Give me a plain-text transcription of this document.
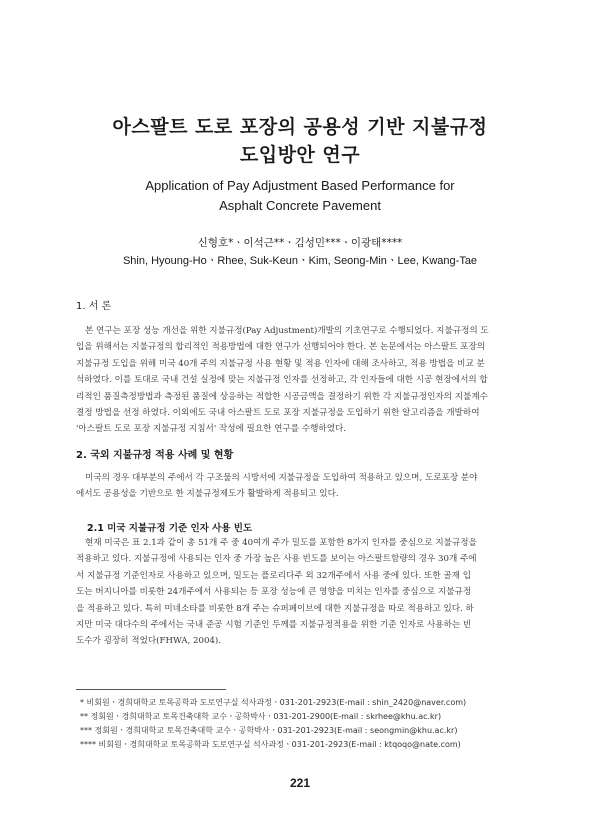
아스팔트 도로 포장의 공용성 기반 지불규정
도입방안 연구
Application of Pay Adjustment Based Performance for
Asphalt Concrete Pavement
신형호*ㆍ이석근**ㆍ김성민***ㆍ이광태****
Shin, Hyoung-HoㆍRhee, Suk-KeunㆍKim, Seong-MinㆍLee, Kwang-Tae
1. 서 론
본 연구는 포장 성능 개선을 위한 지불규정(Pay Adjustment)개발의 기초연구로 수행되었다. 지불규정의 도
입을 위해서는 지불규정의 합리적인 적용방법에 대한 연구가 선행되어야 한다. 본 논문에서는 아스팔트 포장의
지불규정 도입을 위해 미국 40개 주의 지불규정 사용 현황 및 적용 인자에 대해 조사하고, 적용 방법을 비교 분
석하였다. 이를 토대로 국내 건설 실정에 맞는 지불규정 인자를 선정하고, 각 인자들에 대한 시공 현장에서의 합
리적인 품질측정방법과 측정된 품질에 상응하는 적합한 시공금액을 결정하기 위한 각 지불규정인자의 지불계수
결정 방법을 선정 하였다. 이외에도 국내 아스팔트 도로 포장 지불규정을 도입하기 위한 알고리즘을 개발하여
'아스팔트 도로 포장 지불규정 지침서' 작성에 필요한 연구를 수행하였다.
2. 국외 지불규정 적용 사례 및 현황
미국의 경우 대부분의 주에서 각 구조물의 시방서에 지불규정을 도입하여 적용하고 있으며, 도로포장 분야
에서도 공용성을 기반으로 한 지불규정제도가 활발하게 적용되고 있다.
2.1 미국 지불규정 기준 인자 사용 빈도
현재 미국은 표 2.1과 같이 총 51개 주 중 40여개 주가 밀도를 포함한 8가지 인자를 중심으로 지불규정을
적용하고 있다. 지불규정에 사용되는 인자 중 가장 높은 사용 빈도를 보이는 아스팔트함량의 경우 30개 주에
서 지불규정 기준인자로 사용하고 있으며, 밀도는 플로리다주 외 32개주에서 사용 중에 있다. 또한 골재 입
도는 버지니아를 비롯한 24개주에서 사용되는 등 포장 성능에 큰 영향을 미치는 인자를 중심으로 지불규정
을 적용하고 있다. 특히 미네소타를 비롯한 8개 주는 슈퍼페이브에 대한 지불규정을 따로 적용하고 있다. 하
지만 미국 대다수의 주에서는 국내 준공 시험 기준인 두께를 지불규정적용을 위한 기준 인자로 사용하는 빈
도수가 굉장히 적었다(FHWA, 2004).
* 비회원ㆍ경희대학교 토목공학과 도로연구실 석사과정ㆍ031-201-2923(E-mail : shin_2420@naver.com)
** 정회원ㆍ경희대학교 토목건축대학 교수ㆍ공학박사ㆍ031-201-2900(E-mail : skrhee@khu.ac.kr)
*** 정회원ㆍ경희대학교 토목건축대학 교수ㆍ공학박사ㆍ031-201-2923(E-mail : seongmin@khu.ac.kr)
**** 비회원ㆍ경희대학교 토목공학과 도로연구실 석사과정ㆍ031-201-2923(E-mail : ktqoqo@nate.com)
221
